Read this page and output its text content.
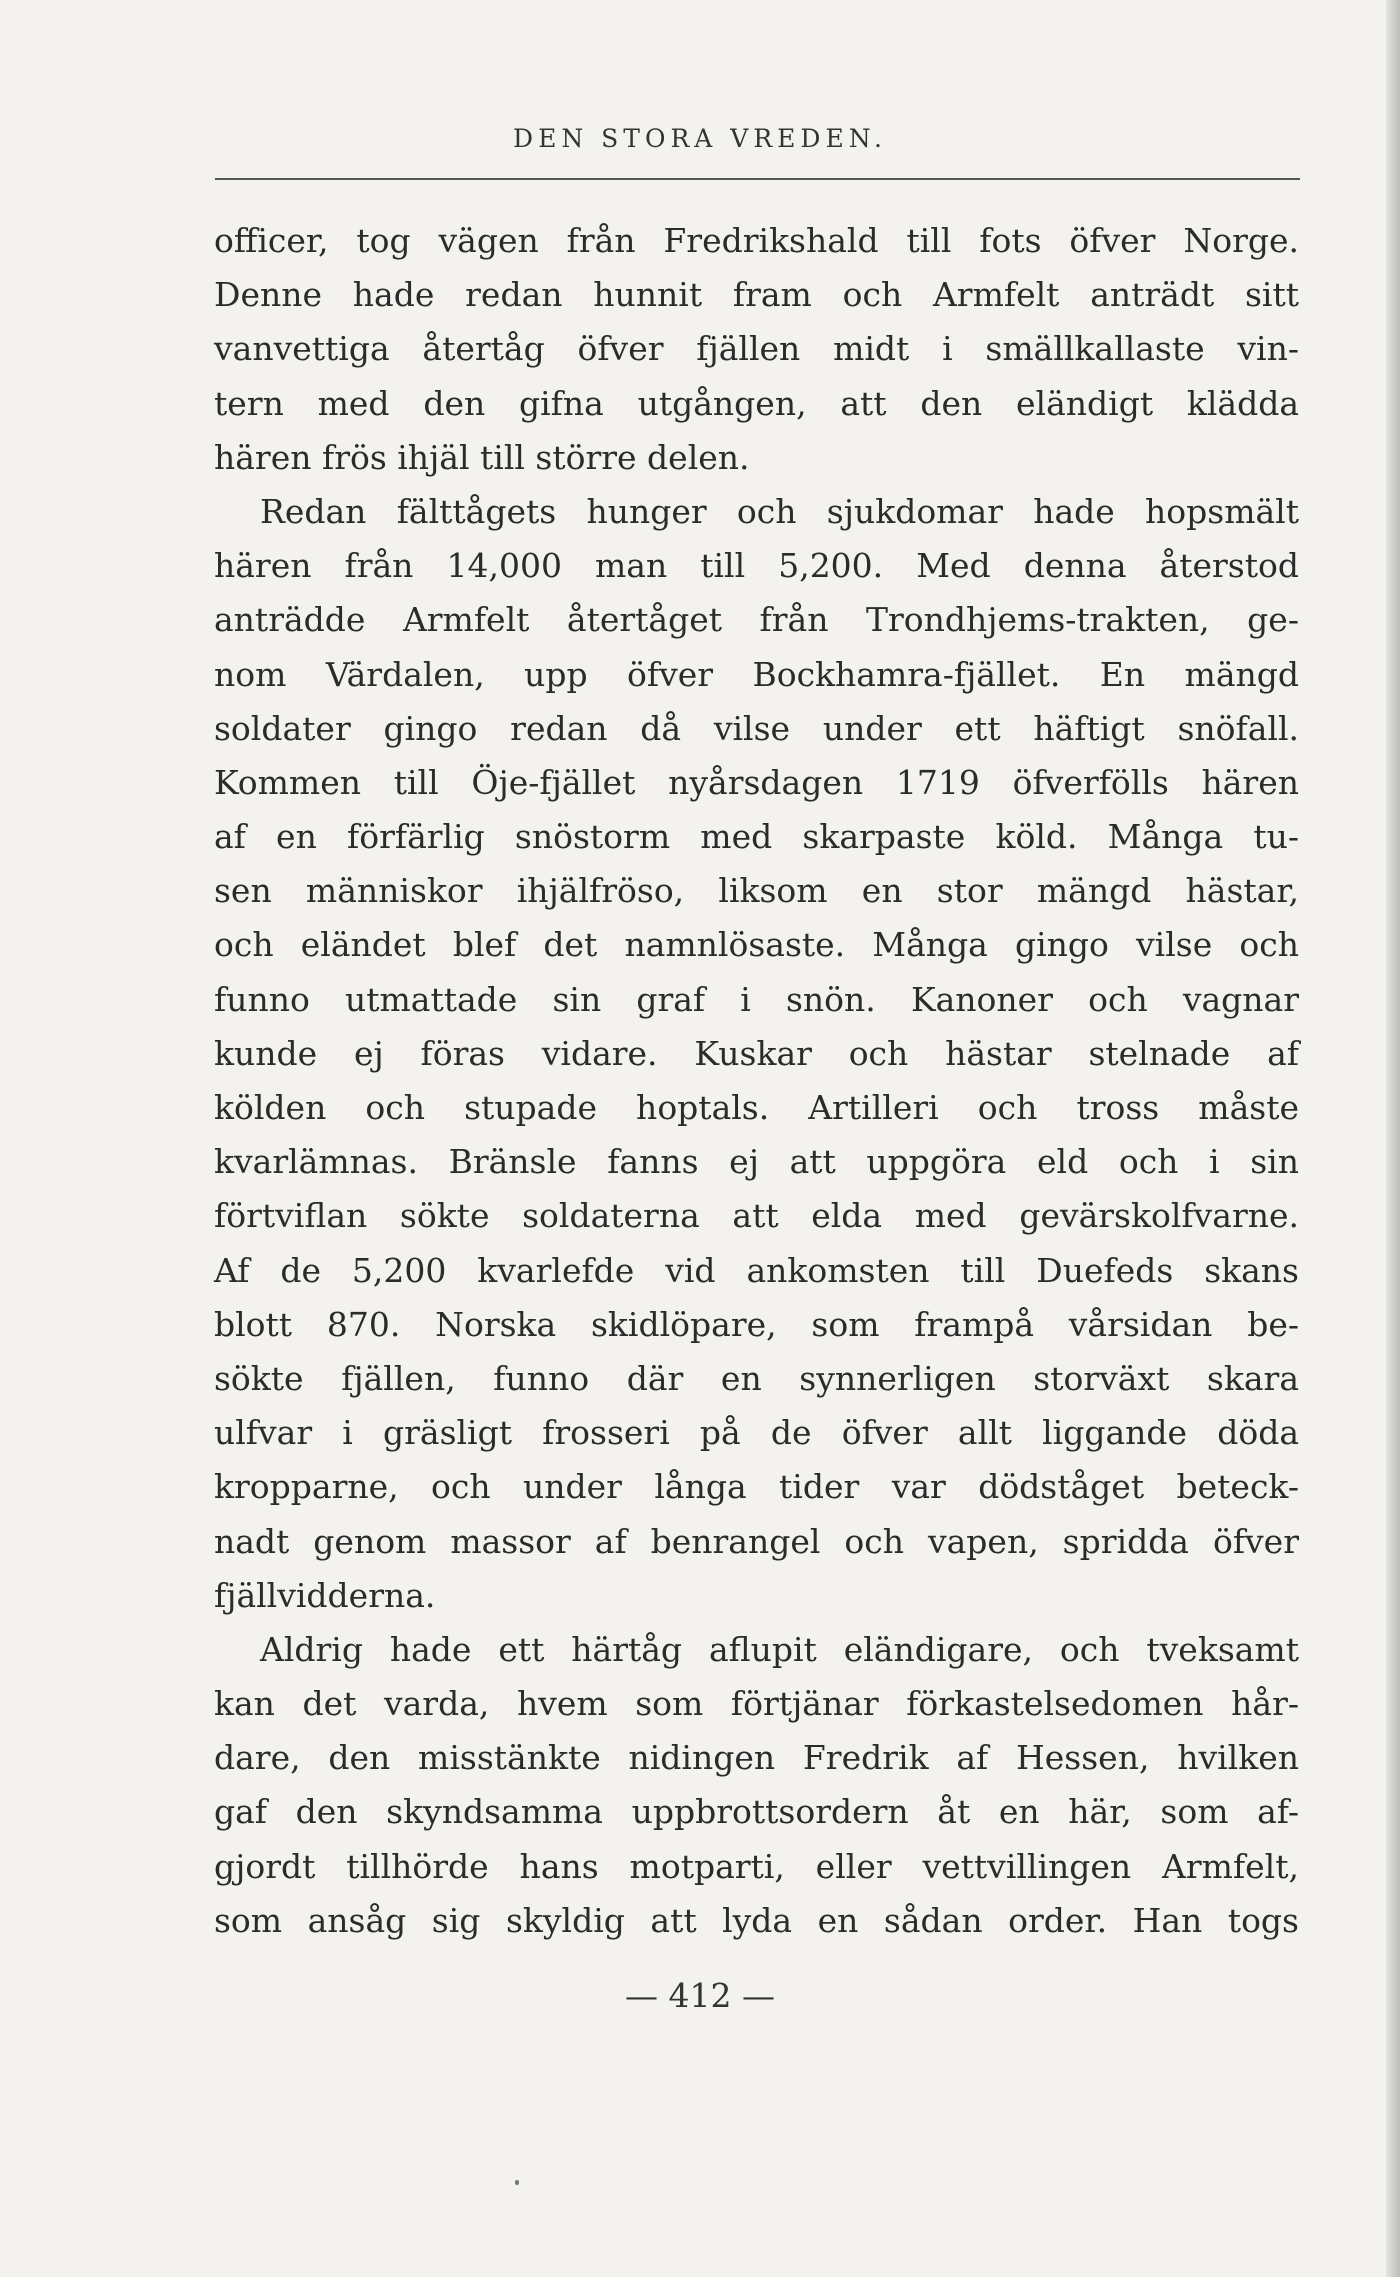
DEN STORA VREDEN.
officer, tog vägen från Fredrikshald till fots öfver Norge.
Denne hade redan hunnit fram och Armfelt anträdt sitt
vanvettiga återtåg öfver fjällen midt i smällkallaste vin-
tern med den gifna utgången, att den eländigt klädda
hären frös ihjäl till större delen.
Redan fälttågets hunger och sjukdomar hade hopsmält
hären från 14,000 man till 5,200. Med denna återstod
anträdde Armfelt återtåget från Trondhjems-trakten, ge-
nom Värdalen, upp öfver Bockhamra-fjället. En mängd
soldater gingo redan då vilse under ett häftigt snöfall.
Kommen till Öje-fjället nyårsdagen 1719 öfverfölls hären
af en förfärlig snöstorm med skarpaste köld. Många tu-
sen människor ihjälfröso, liksom en stor mängd hästar,
och eländet blef det namnlösaste. Många gingo vilse och
funno utmattade sin graf i snön. Kanoner och vagnar
kunde ej föras vidare. Kuskar och hästar stelnade af
kölden och stupade hoptals. Artilleri och tross måste
kvarlämnas. Bränsle fanns ej att uppgöra eld och i sin
förtviflan sökte soldaterna att elda med gevärskolfvarne.
Af de 5,200 kvarlefde vid ankomsten till Duefeds skans
blott 870. Norska skidlöpare, som frampå vårsidan be-
sökte fjällen, funno där en synnerligen storväxt skara
ulfvar i gräsligt frosseri på de öfver allt liggande döda
kropparne, och under långa tider var dödståget beteck-
nadt genom massor af benrangel och vapen, spridda öfver
fjällvidderna.
Aldrig hade ett härtåg aflupit eländigare, och tveksamt
kan det varda, hvem som förtjänar förkastelsedomen hår-
dare, den misstänkte nidingen Fredrik af Hessen, hvilken
gaf den skyndsamma uppbrottsordern åt en här, som af-
gjordt tillhörde hans motparti, eller vettvillingen Armfelt,
som ansåg sig skyldig att lyda en sådan order. Han togs
— 412 —
